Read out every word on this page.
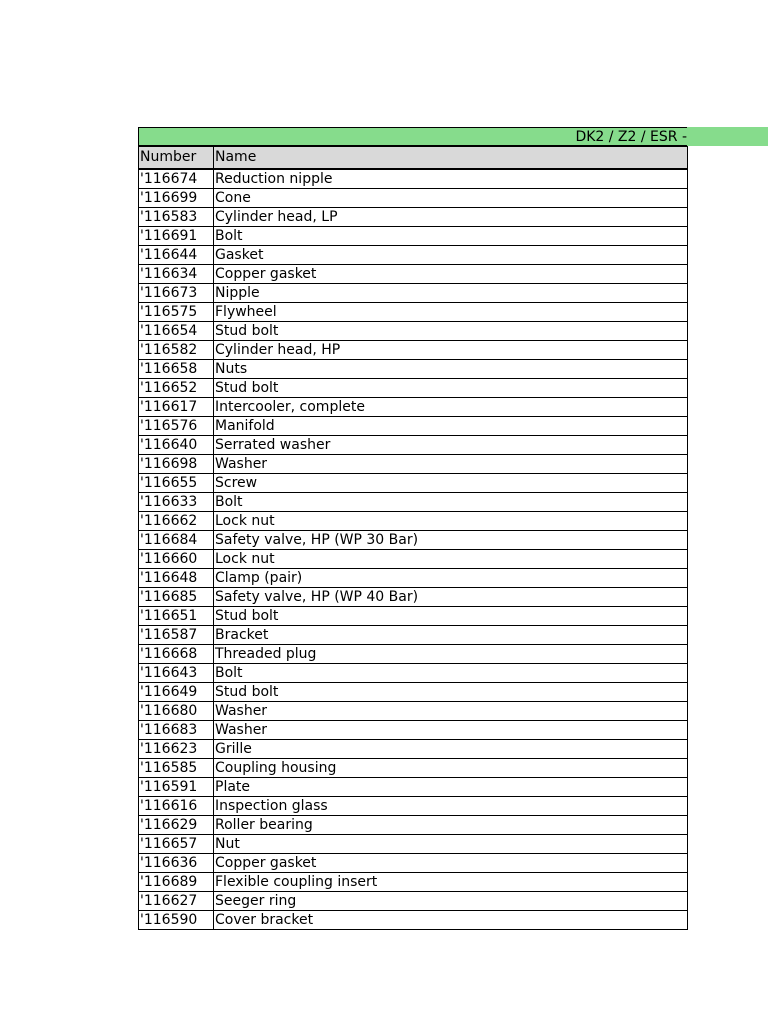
DK2 / Z2 / ESR -
Number	Name
'116674	Reduction nipple
'116699	Cone
'116583	Cylinder head, LP
'116691	Bolt
'116644	Gasket
'116634	Copper gasket
'116673	Nipple
'116575	Flywheel
'116654	Stud bolt
'116582	Cylinder head, HP
'116658	Nuts
'116652	Stud bolt
'116617	Intercooler, complete
'116576	Manifold
'116640	Serrated washer
'116698	Washer
'116655	Screw
'116633	Bolt
'116662	Lock nut
'116684	Safety valve, HP (WP 30 Bar)
'116660	Lock nut
'116648	Clamp (pair)
'116685	Safety valve, HP (WP 40 Bar)
'116651	Stud bolt
'116587	Bracket
'116668	Threaded plug
'116643	Bolt
'116649	Stud bolt
'116680	Washer
'116683	Washer
'116623	Grille
'116585	Coupling housing
'116591	Plate
'116616	Inspection glass
'116629	Roller bearing
'116657	Nut
'116636	Copper gasket
'116689	Flexible coupling insert
'116627	Seeger ring
'116590	Cover bracket
